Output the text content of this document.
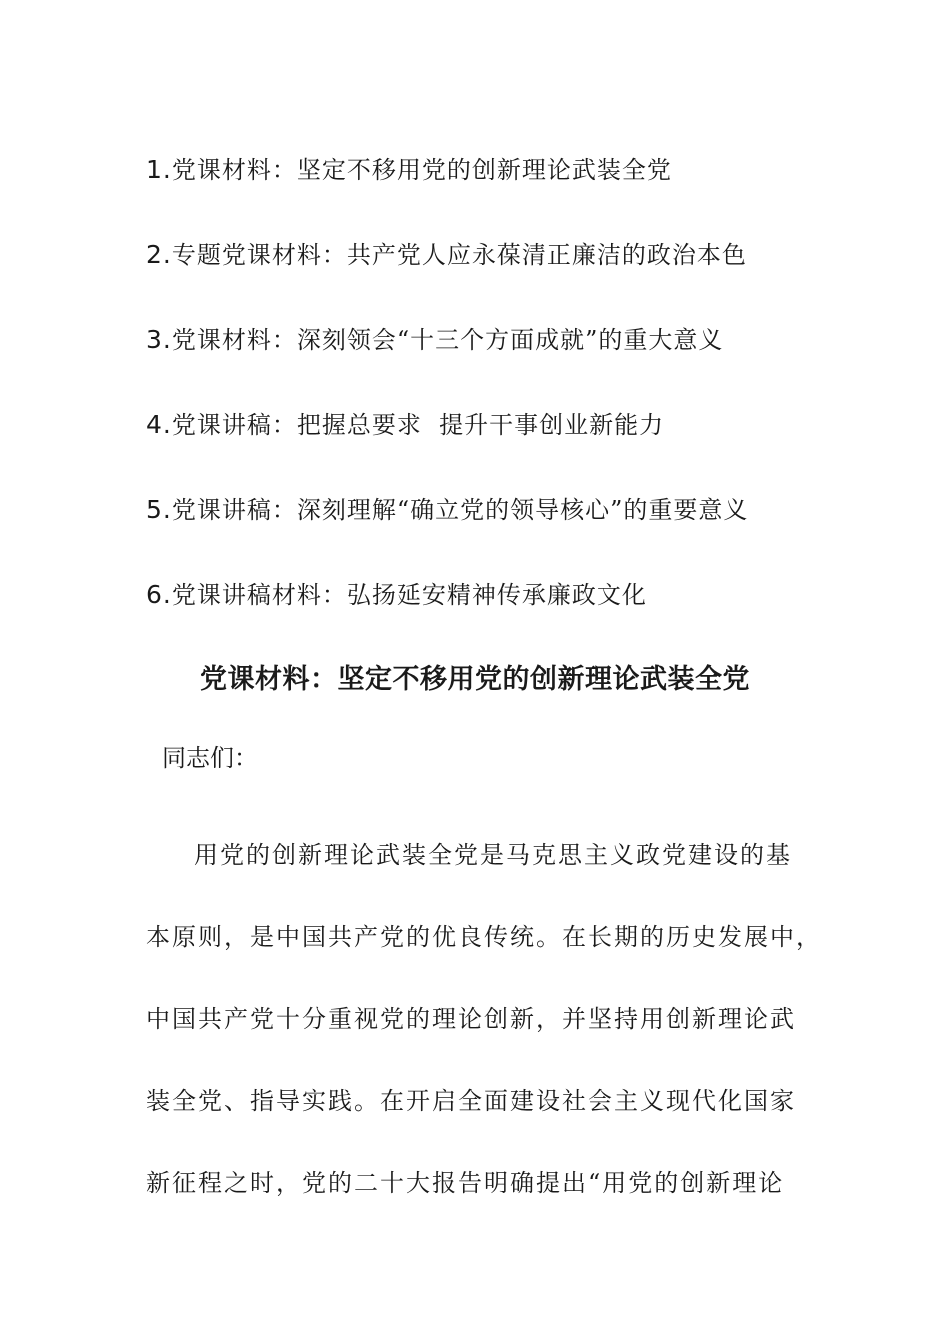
1.党课材料：坚定不移用党的创新理论武装全党
2.专题党课材料：共产党人应永葆清正廉洁的政治本色
3.党课材料：深刻领会“十三个方面成就”的重大意义
4.党课讲稿：把握总要求  提升干事创业新能力
5.党课讲稿：深刻理解“确立党的领导核心”的重要意义
6.党课讲稿材料：弘扬延安精神传承廉政文化
党课材料：坚定不移用党的创新理论武装全党
同志们：
用党的创新理论武装全党是马克思主义政党建设的基
本原则，是中国共产党的优良传统。在长期的历史发展中，
中国共产党十分重视党的理论创新，并坚持用创新理论武
装全党、指导实践。在开启全面建设社会主义现代化国家
新征程之时，党的二十大报告明确提出“用党的创新理论
